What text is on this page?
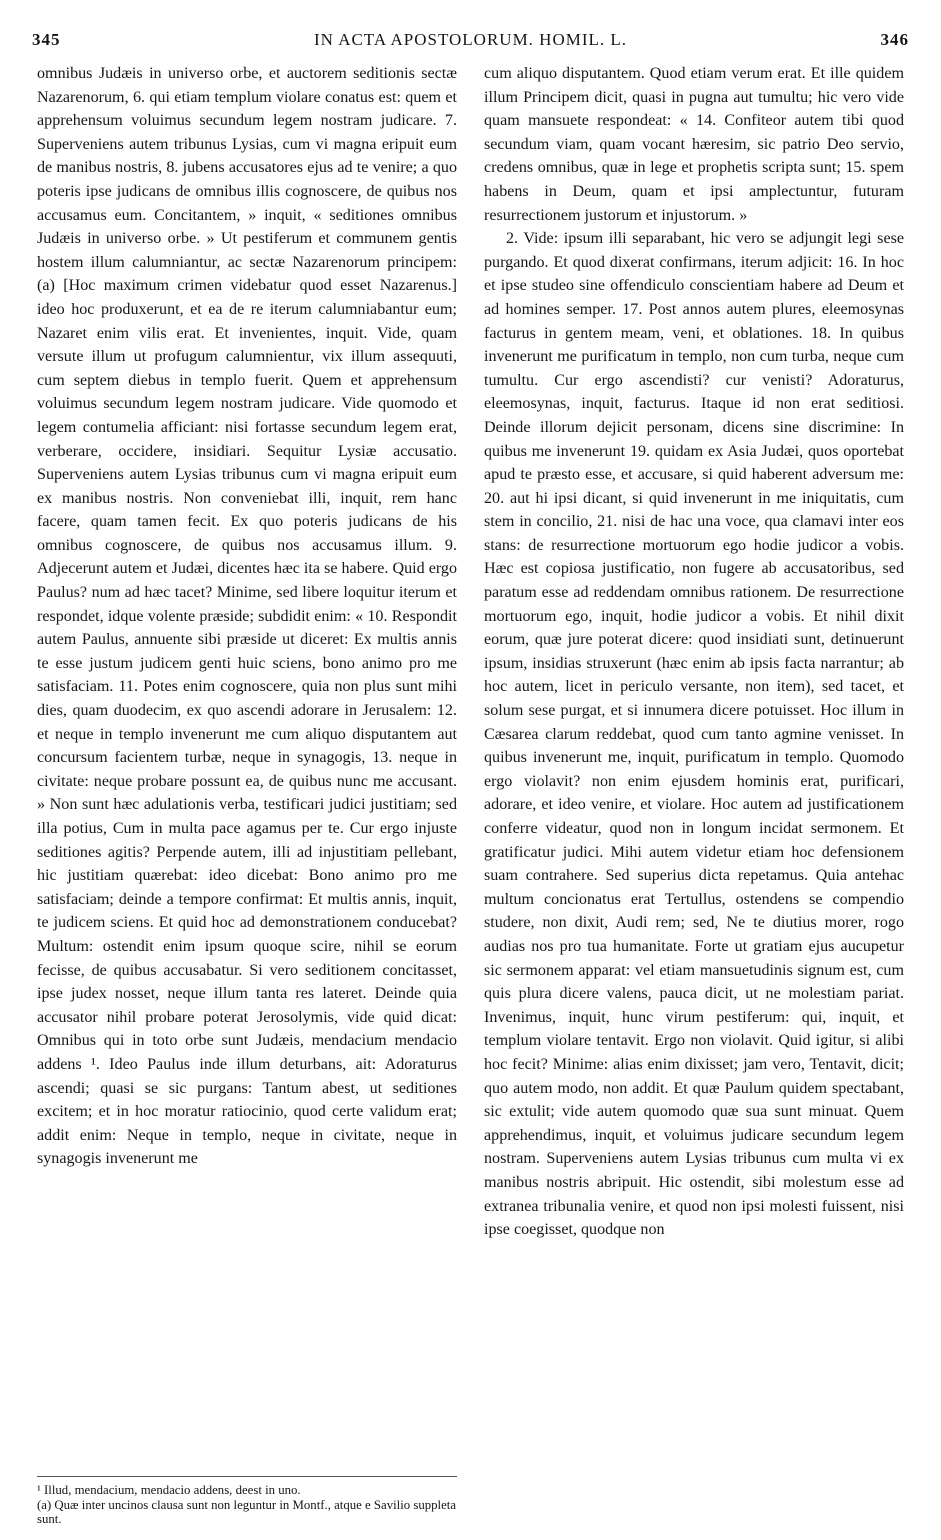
345	IN ACTA APOSTOLORUM. HOMIL. L.	346

omnibus Judæis in universo orbe, et auctorem seditionis sectæ Nazarenorum, 6. qui etiam templum violare conatus est: quem et apprehensum voluimus secundum legem nostram judicare. 7. Superveniens autem tribunus Lysias, cum vi magna eripuit eum de manibus nostris, 8. jubens accusatores ejus ad te venire; a quo poteris ipse judicans de omnibus illis cognoscere, de quibus nos accusamus eum. Concitantem, » inquit, « seditiones omnibus Judæis in universo orbe. » Ut pestiferum et communem gentis hostem illum calumniantur, ac sectæ Nazarenorum principem: (a) [Hoc maximum crimen videbatur quod esset Nazarenus.] ideo hoc produxerunt, et ea de re iterum calumniabantur eum; Nazaret enim vilis erat. Et invenientes, inquit. Vide, quam versute illum ut profugum calumnientur, vix illum assequuti, cum septem diebus in templo fuerit. Quem et apprehensum voluimus secundum legem nostram judicare. Vide quomodo et legem contumelia afficiant: nisi fortasse secundum legem erat, verberare, occidere, insidiari. Sequitur Lysiæ accusatio. Superveniens autem Lysias tribunus cum vi magna eripuit eum ex manibus nostris. Non conveniebat illi, inquit, rem hanc facere, quam tamen fecit. Ex quo poteris judicans de his omnibus cognoscere, de quibus nos accusamus illum. 9. Adjecerunt autem et Judæi, dicentes hæc ita se habere. Quid ergo Paulus? num ad hæc tacet? Minime, sed libere loquitur iterum et respondet, idque volente præside; subdidit enim: « 10. Respondit autem Paulus, annuente sibi præside ut diceret: Ex multis annis te esse justum judicem genti huic sciens, bono animo pro me satisfaciam. 11. Potes enim cognoscere, quia non plus sunt mihi dies, quam duodecim, ex quo ascendi adorare in Jerusalem: 12. et neque in templo invenerunt me cum aliquo disputantem aut concursum facientem turbæ, neque in synagogis, 13. neque in civitate: neque probare possunt ea, de quibus nunc me accusant. » Non sunt hæc adulationis verba, testificari judici justitiam; sed illa potius, Cum in multa pace agamus per te. Cur ergo injuste seditiones agitis? Perpende autem, illi ad injustitiam pellebant, hic justitiam quærebat: ideo dicebat: Bono animo pro me satisfaciam; deinde a tempore confirmat: Et multis annis, inquit, te judicem sciens. Et quid hoc ad demonstrationem conducebat? Multum: ostendit enim ipsum quoque scire, nihil se eorum fecisse, de quibus accusabatur. Si vero seditionem concitasset, ipse judex nosset, neque illum tanta res lateret. Deinde quia accusator nihil probare poterat Jerosolymis, vide quid dicat: Omnibus qui in toto orbe sunt Judæis, mendacium mendacio addens ¹. Ideo Paulus inde illum deturbans, ait: Adoraturus ascendi; quasi se sic purgans: Tantum abest, ut seditiones excitem; et in hoc moratur ratiocinio, quod certe validum erat; addit enim: Neque in templo, neque in civitate, neque in synagogis invenerunt me

cum aliquo disputantem. Quod etiam verum erat. Et ille quidem illum Principem dicit, quasi in pugna aut tumultu; hic vero vide quam mansuete respondeat: « 14. Confiteor autem tibi quod secundum viam, quam vocant hæresim, sic patrio Deo servio, credens omnibus, quæ in lege et prophetis scripta sunt; 15. spem habens in Deum, quam et ipsi amplectuntur, futuram resurrectionem justorum et injustorum. »

2. Vide: ipsum illi separabant, hic vero se adjungit legi sese purgando. Et quod dixerat confirmans, iterum adjicit: 16. In hoc et ipse studeo sine offendiculo conscientiam habere ad Deum et ad homines semper. 17. Post annos autem plures, eleemosynas facturus in gentem meam, veni, et oblationes. 18. In quibus invenerunt me purificatum in templo, non cum turba, neque cum tumultu. Cur ergo ascendisti? cur venisti? Adoraturus, eleemosynas, inquit, facturus. Itaque id non erat seditiosi. Deinde illorum dejicit personam, dicens sine discrimine: In quibus me invenerunt 19. quidam ex Asia Judæi, quos oportebat apud te præsto esse, et accusare, si quid haberent adversum me: 20. aut hi ipsi dicant, si quid invenerunt in me iniquitatis, cum stem in concilio, 21. nisi de hac una voce, qua clamavi inter eos stans: de resurrectione mortuorum ego hodie judicor a vobis. Hæc est copiosa justificatio, non fugere ab accusatoribus, sed paratum esse ad reddendam omnibus rationem. De resurrectione mortuorum ego, inquit, hodie judicor a vobis. Et nihil dixit eorum, quæ jure poterat dicere: quod insidiati sunt, detinuerunt ipsum, insidias struxerunt (hæc enim ab ipsis facta narrantur; ab hoc autem, licet in periculo versante, non item), sed tacet, et solum sese purgat, et si innumera dicere potuisset. Hoc illum in Cæsarea clarum reddebat, quod cum tanto agmine venisset. In quibus invenerunt me, inquit, purificatum in templo. Quomodo ergo violavit? non enim ejusdem hominis erat, purificari, adorare, et ideo venire, et violare. Hoc autem ad justificationem conferre videatur, quod non in longum incidat sermonem. Et gratificatur judici. Mihi autem videtur etiam hoc defensionem suam contrahere. Sed superius dicta repetamus. Quia antehac multum concionatus erat Tertullus, ostendens se compendio studere, non dixit, Audi rem; sed, Ne te diutius morer, rogo audias nos pro tua humanitate. Forte ut gratiam ejus aucupetur sic sermonem apparat: vel etiam mansuetudinis signum est, cum quis plura dicere valens, pauca dicit, ut ne molestiam pariat. Invenimus, inquit, hunc virum pestiferum: qui, inquit, et templum violare tentavit. Ergo non violavit. Quid igitur, si alibi hoc fecit? Minime: alias enim dixisset; jam vero, Tentavit, dicit; quo autem modo, non addit. Et quæ Paulum quidem spectabant, sic extulit; vide autem quomodo quæ sua sunt minuat. Quem apprehendimus, inquit, et voluimus judicare secundum legem nostram. Superveniens autem Lysias tribunus cum multa vi ex manibus nostris abripuit. Hic ostendit, sibi molestum esse ad extranea tribunalia venire, et quod non ipsi molesti fuissent, nisi ipse coegisset, quodque non

¹ Illud, mendacium, mendacio addens, deest in uno.

(a) Quæ inter uncinos clausa sunt non leguntur in Montf., atque e Savilio suppleta sunt.
